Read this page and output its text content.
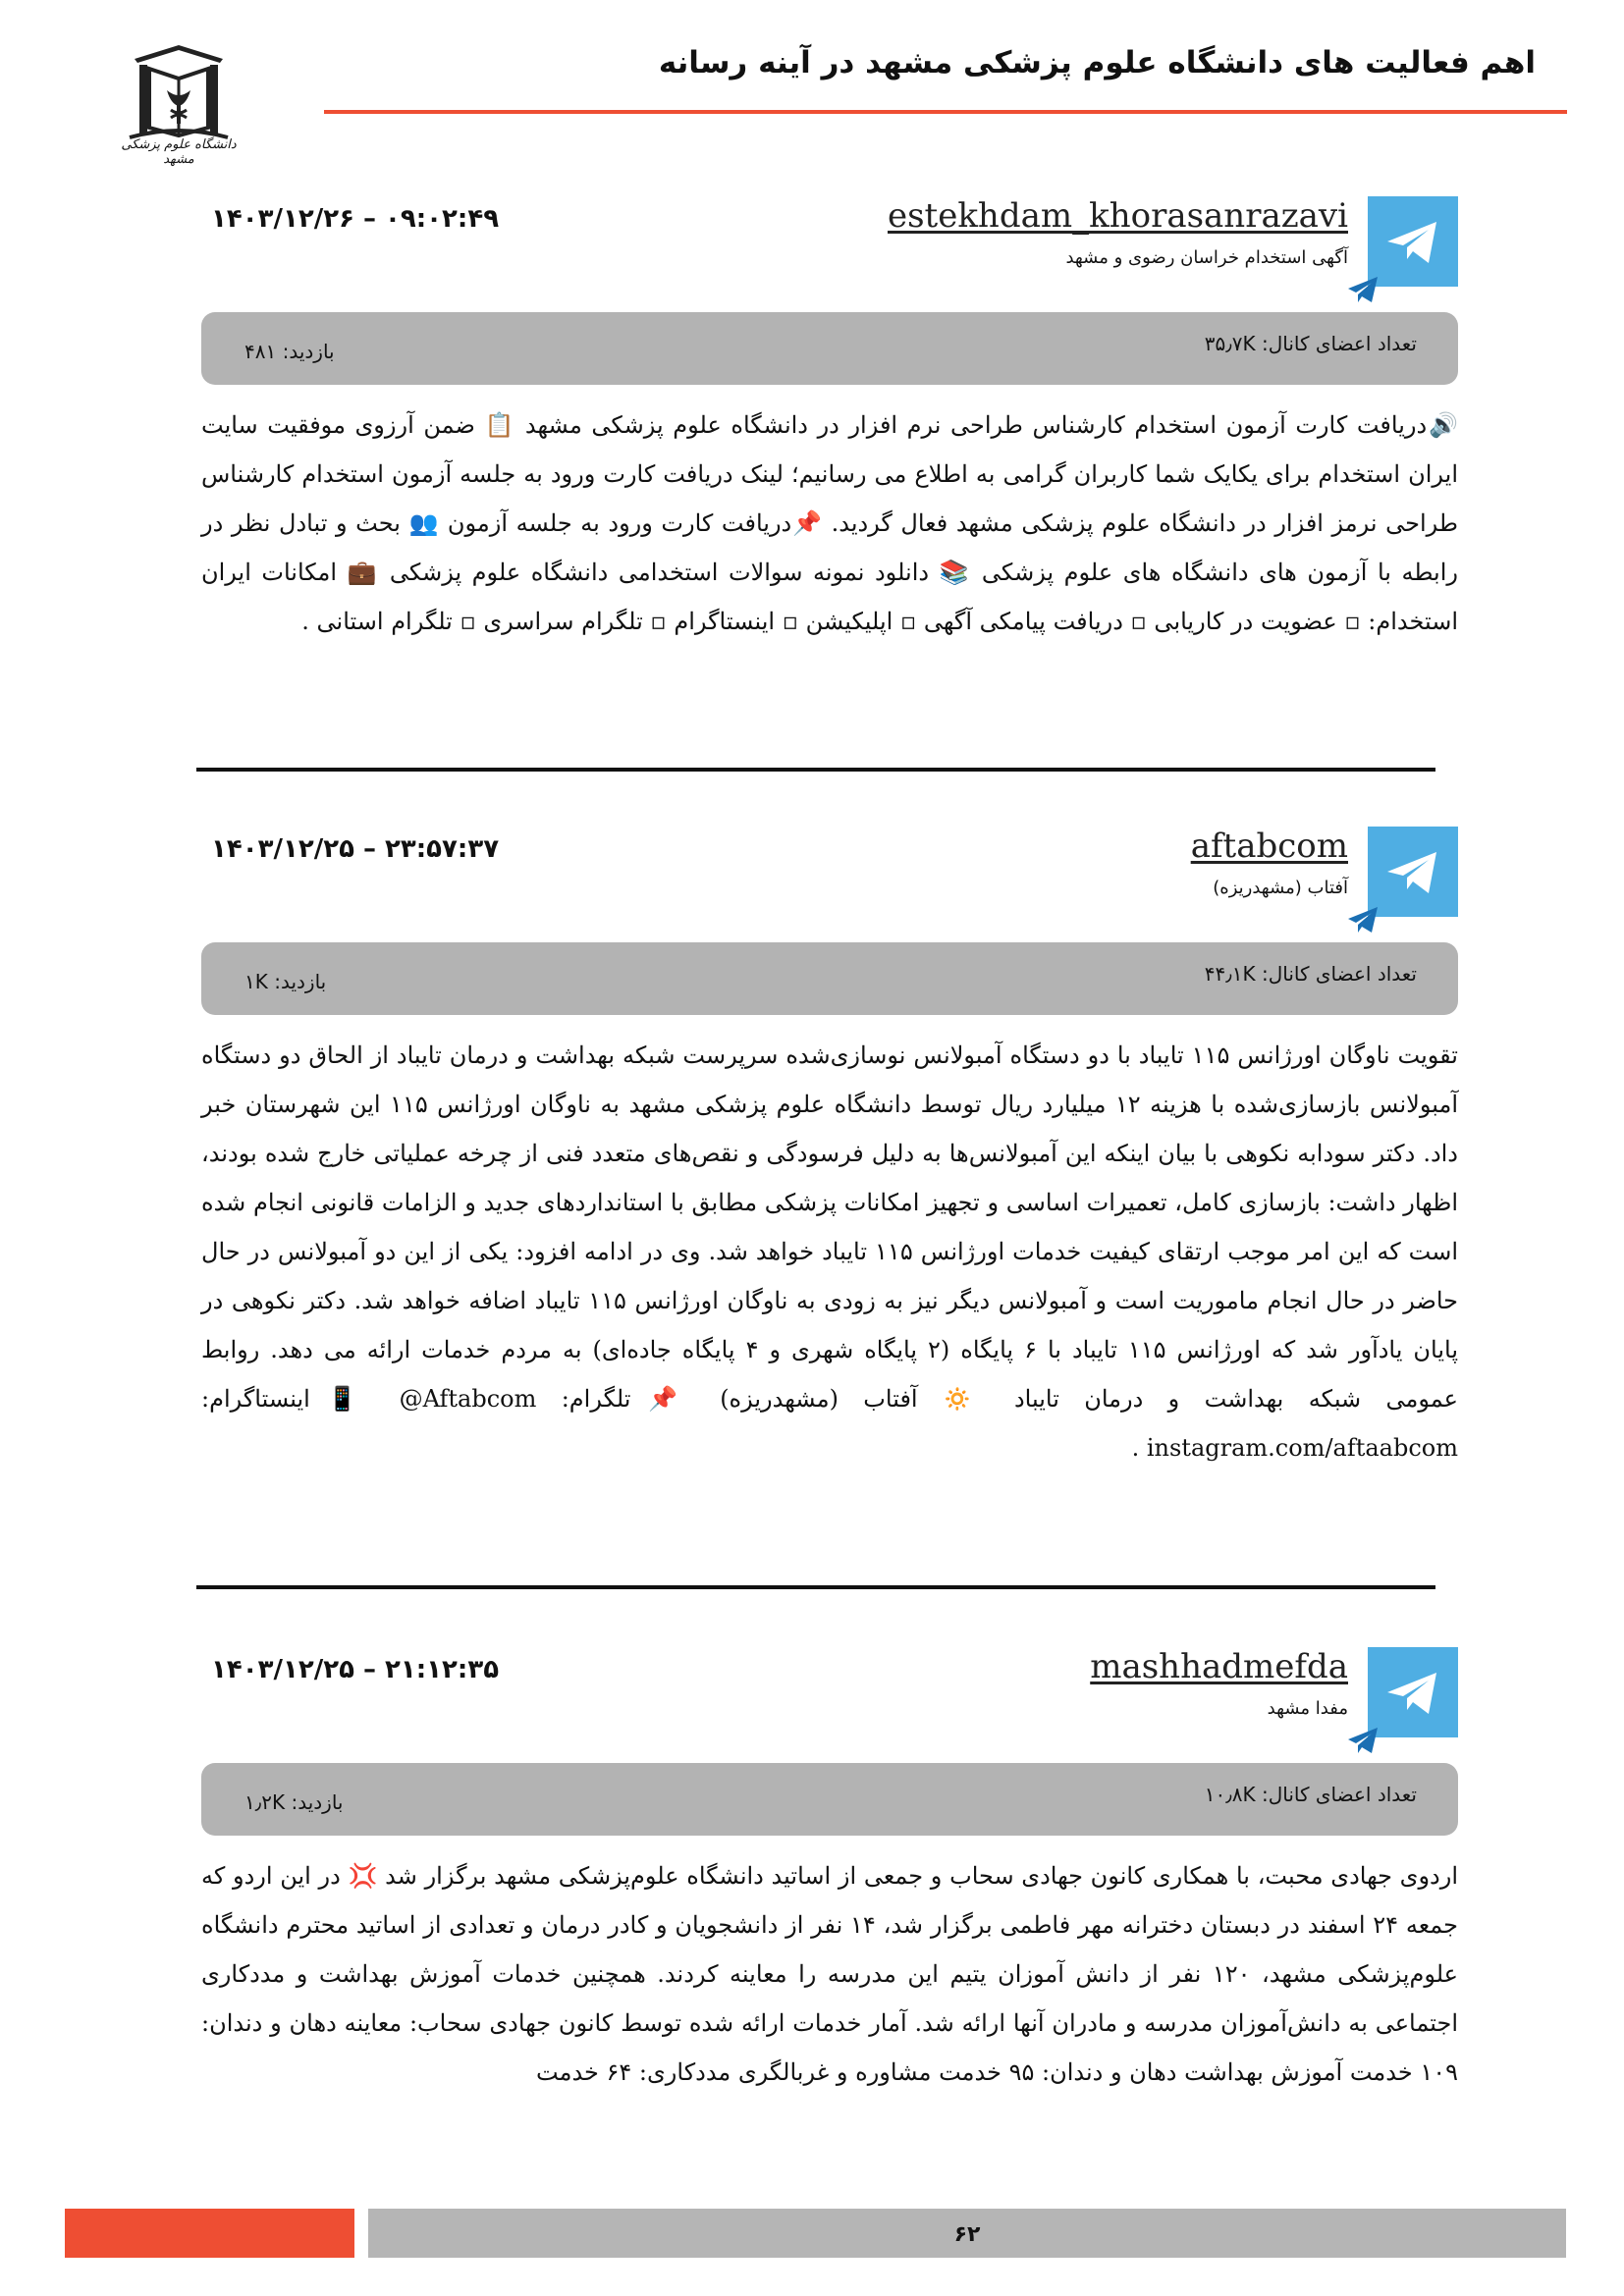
اهم فعالیت های دانشگاه علوم پزشکی مشهد در آینه رسانه
دانشگاه علوم پزشکی مشهد
estekhdam_khorasanrazavi
آگهی استخدام خراسان رضوی و مشهد
۱۴۰۳/۱۲/۲۶ – ۰۹:۰۲:۴۹
تعداد اعضای کانال: ۳۵٫۷K
بازدید: ۴۸۱
🔊دریافت کارت آزمون استخدام کارشناس طراحی نرم افزار در دانشگاه علوم پزشکی مشهد 📋 ضمن آرزوی موفقیت سایت ایران استخدام برای یکایک شما کاربران گرامی به اطلاع می رسانیم؛ لینک دریافت کارت ورود به جلسه آزمون استخدام کارشناس طراحی نرمز افزار در دانشگاه علوم پزشکی مشهد فعال گردید. 📌دریافت کارت ورود به جلسه آزمون 👥 بحث و تبادل نظر در رابطه با آزمون های دانشگاه های علوم پزشکی 📚 دانلود نمونه سوالات استخدامی دانشگاه علوم پزشکی 💼 امکانات ایران استخدام: ▫ عضویت در کاریابی ▫ دریافت پیامکی آگهی ▫ اپلیکیشن ▫ اینستاگرام ▫ تلگرام سراسری ▫ تلگرام استانی .
aftabcom
آفتاب (مشهدریزه)
۱۴۰۳/۱۲/۲۵ – ۲۳:۵۷:۳۷
تعداد اعضای کانال: ۴۴٫۱K
بازدید: ۱K
تقویت ناوگان اورژانس ۱۱۵ تایباد با دو دستگاه آمبولانس نوسازی‌شده سرپرست شبکه بهداشت و درمان تایباد از الحاق دو دستگاه آمبولانس بازسازی‌شده با هزینه ۱۲ میلیارد ریال توسط دانشگاه علوم پزشکی مشهد به ناوگان اورژانس ۱۱۵ این شهرستان خبر داد. دکتر سودابه نکوهی با بیان اینکه این آمبولانس‌ها به دلیل فرسودگی و نقص‌های متعدد فنی از چرخه عملیاتی خارج شده بودند، اظهار داشت: بازسازی کامل، تعمیرات اساسی و تجهیز امکانات پزشکی مطابق با استانداردهای جدید و الزامات قانونی انجام شده است که این امر موجب ارتقای کیفیت خدمات اورژانس ۱۱۵ تایباد خواهد شد. وی در ادامه افزود: یکی از این دو آمبولانس در حال حاضر در حال انجام ماموریت است و آمبولانس دیگر نیز به زودی به ناوگان اورژانس ۱۱۵ تایباد اضافه خواهد شد. دکتر نکوهی در پایان یادآور شد که اورژانس ۱۱۵ تایباد با ۶ پایگاه (۲ پایگاه شهری و ۴ پایگاه جاده‌ای) به مردم خدمات ارائه می دهد. روابط عمومی شبکه بهداشت و درمان تایباد 🔅 آفتاب (مشهدریزه) 📌تلگرام: ‎@Aftabcom‏ 📱اینستاگرام: ‎instagram.com/aftaabcom‏ .
mashhadmefda
مفدا مشهد
۱۴۰۳/۱۲/۲۵ – ۲۱:۱۲:۳۵
تعداد اعضای کانال: ۱۰٫۸K
بازدید: ۱٫۲K
اردوی جهادی محبت، با همکاری کانون جهادی سحاب و جمعی از اساتید دانشگاه علوم‌پزشکی مشهد برگزار شد 💢 در این اردو که جمعه ۲۴ اسفند در دبستان دخترانه مهر فاطمی برگزار شد، ۱۴ نفر از دانشجویان و کادر درمان و تعدادی از اساتید محترم دانشگاه علوم‌پزشکی مشهد، ۱۲۰ نفر از دانش آموزان یتیم این مدرسه را معاینه کردند. همچنین خدمات آموزش بهداشت و مددکاری اجتماعی به دانش‌آموزان مدرسه و مادران آنها ارائه شد. آمار خدمات ارائه شده توسط کانون جهادی سحاب: معاینه دهان و دندان: ۱۰۹ خدمت آموزش بهداشت دهان و دندان: ۹۵ خدمت مشاوره و غربالگری مددکاری: ۶۴ خدمت
۶۲
